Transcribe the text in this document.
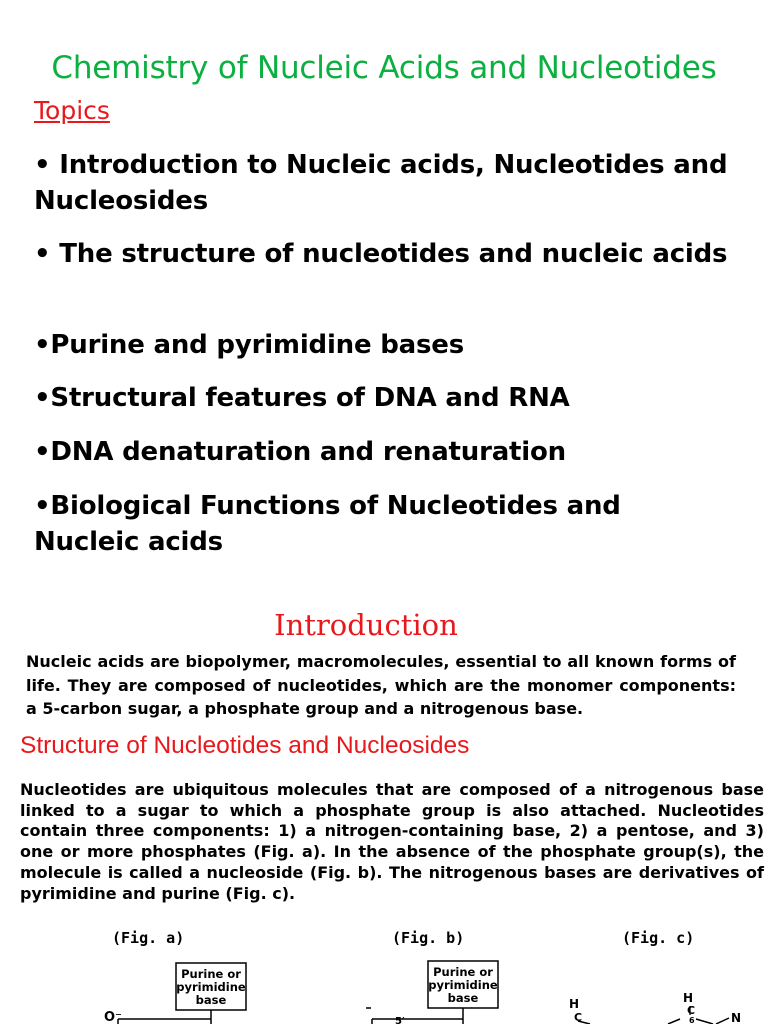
Chemistry of Nucleic Acids and Nucleotides
Topics
• Introduction to Nucleic acids, Nucleotides and Nucleosides
• The structure of nucleotides and nucleic acids
•Purine and pyrimidine bases
•Structural features of DNA and RNA
•DNA denaturation and renaturation
•Biological Functions of Nucleotides and Nucleic acids
Introduction
Nucleic acids are biopolymer, macromolecules, essential to all known forms of life. They are composed of nucleotides, which are the monomer components: a 5-carbon sugar, a phosphate group and a nitrogenous base.
Structure of Nucleotides and Nucleosides
Nucleotides are ubiquitous molecules that are composed of a nitrogenous base linked to a sugar to which a phosphate group is also attached. Nucleotides contain three components: 1) a nitrogen-containing base, 2) a pentose, and 3) one or more phosphates (Fig. a). In the absence of the phosphate group(s), the molecule is called a nucleoside (Fig. b). The nitrogenous bases are derivatives of pyrimidine and purine (Fig. c).
(Fig. a)	(Fig. b)	(Fig. c)
Purine or
pyrimidine
base
O⁻
Purine or
pyrimidine
base
5′
H
C
H
C
6	N
